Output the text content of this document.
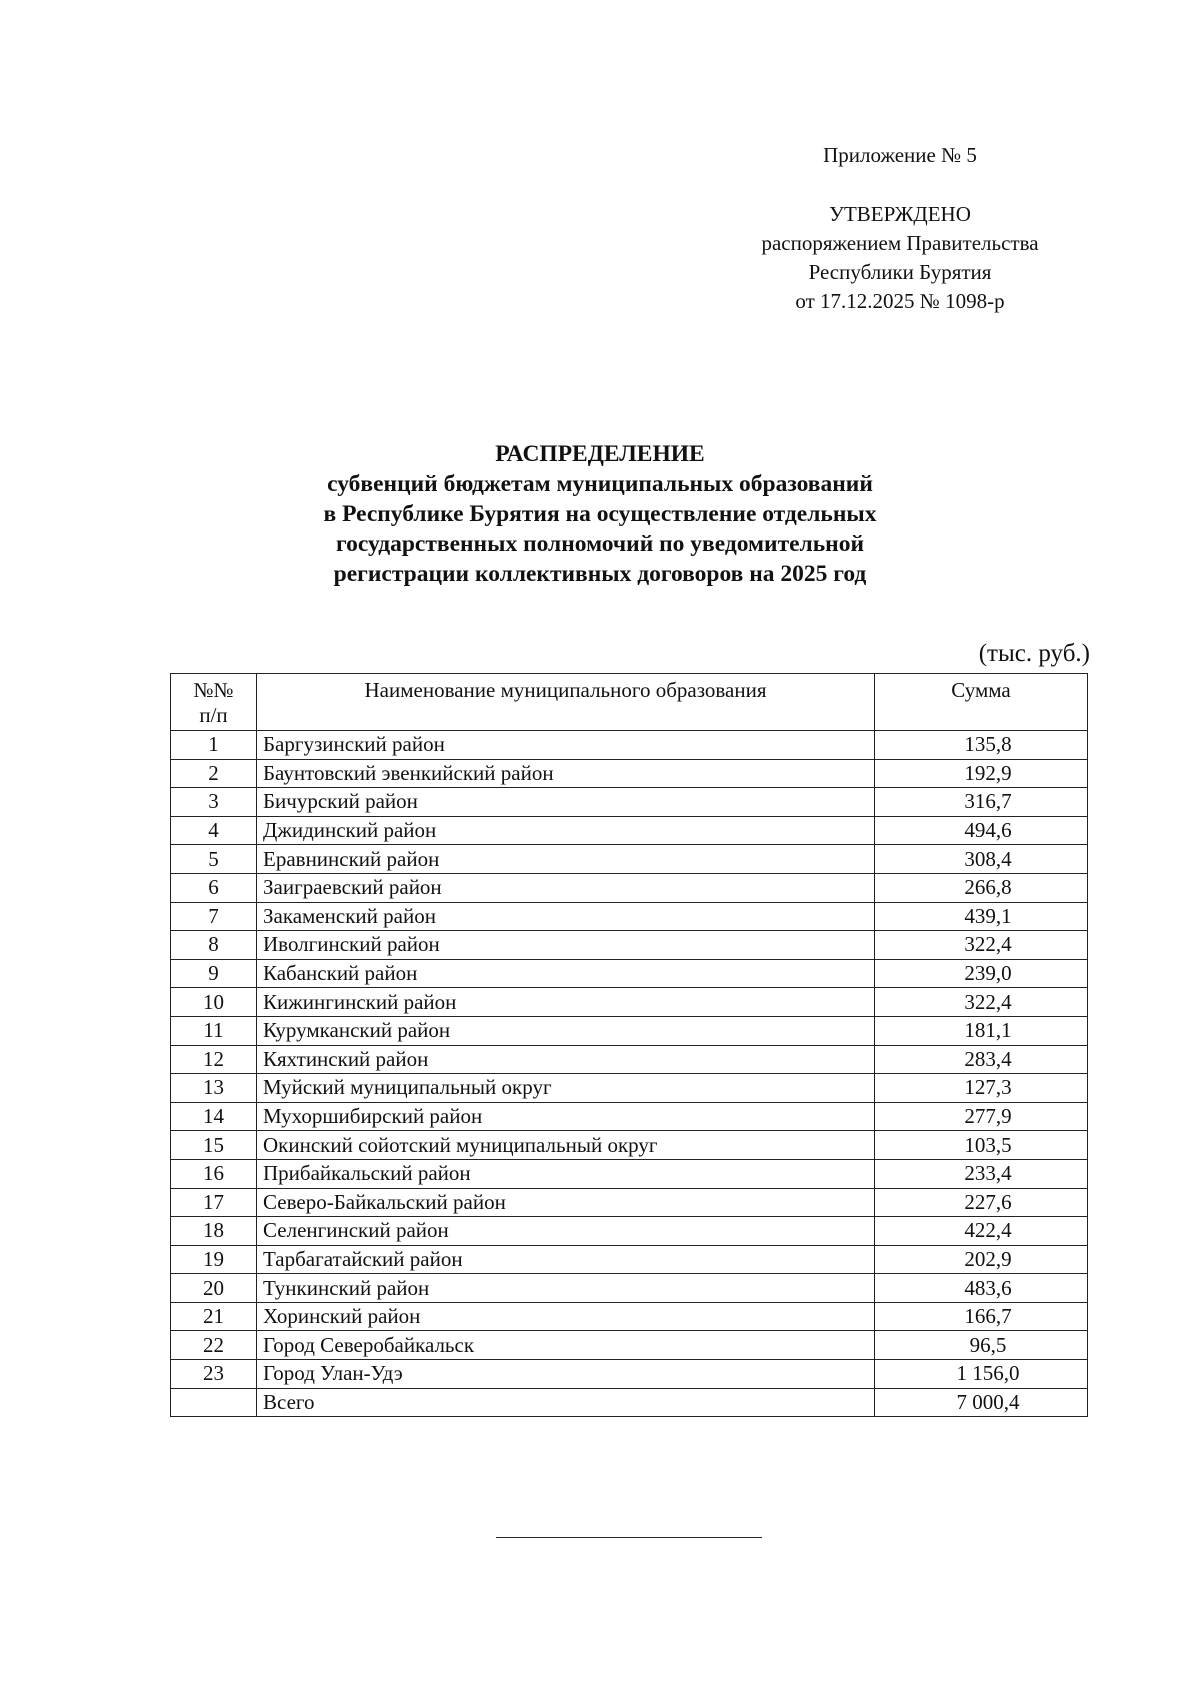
Приложение № 5
УТВЕРЖДЕНО
распоряжением Правительства
Республики Бурятия
от 17.12.2025 № 1098-р
РАСПРЕДЕЛЕНИЕ
субвенций бюджетам муниципальных образований
в Республике Бурятия на осуществление отдельных
государственных полномочий по уведомительной
регистрации коллективных договоров на 2025 год
(тыс. руб.)
№№
п/п	Наименование муниципального образования	Сумма
1	Баргузинский район	135,8
2	Баунтовский эвенкийский район	192,9
3	Бичурский район	316,7
4	Джидинский район	494,6
5	Еравнинский район	308,4
6	Заиграевский район	266,8
7	Закаменский район	439,1
8	Иволгинский район	322,4
9	Кабанский район	239,0
10	Кижингинский район	322,4
11	Курумканский район	181,1
12	Кяхтинский район	283,4
13	Муйский муниципальный округ	127,3
14	Мухоршибирский район	277,9
15	Окинский сойотский муниципальный округ	103,5
16	Прибайкальский район	233,4
17	Северо-Байкальский район	227,6
18	Селенгинский район	422,4
19	Тарбагатайский район	202,9
20	Тункинский район	483,6
21	Хоринский район	166,7
22	Город Северобайкальск	96,5
23	Город Улан-Удэ	1 156,0
	Всего	7 000,4
